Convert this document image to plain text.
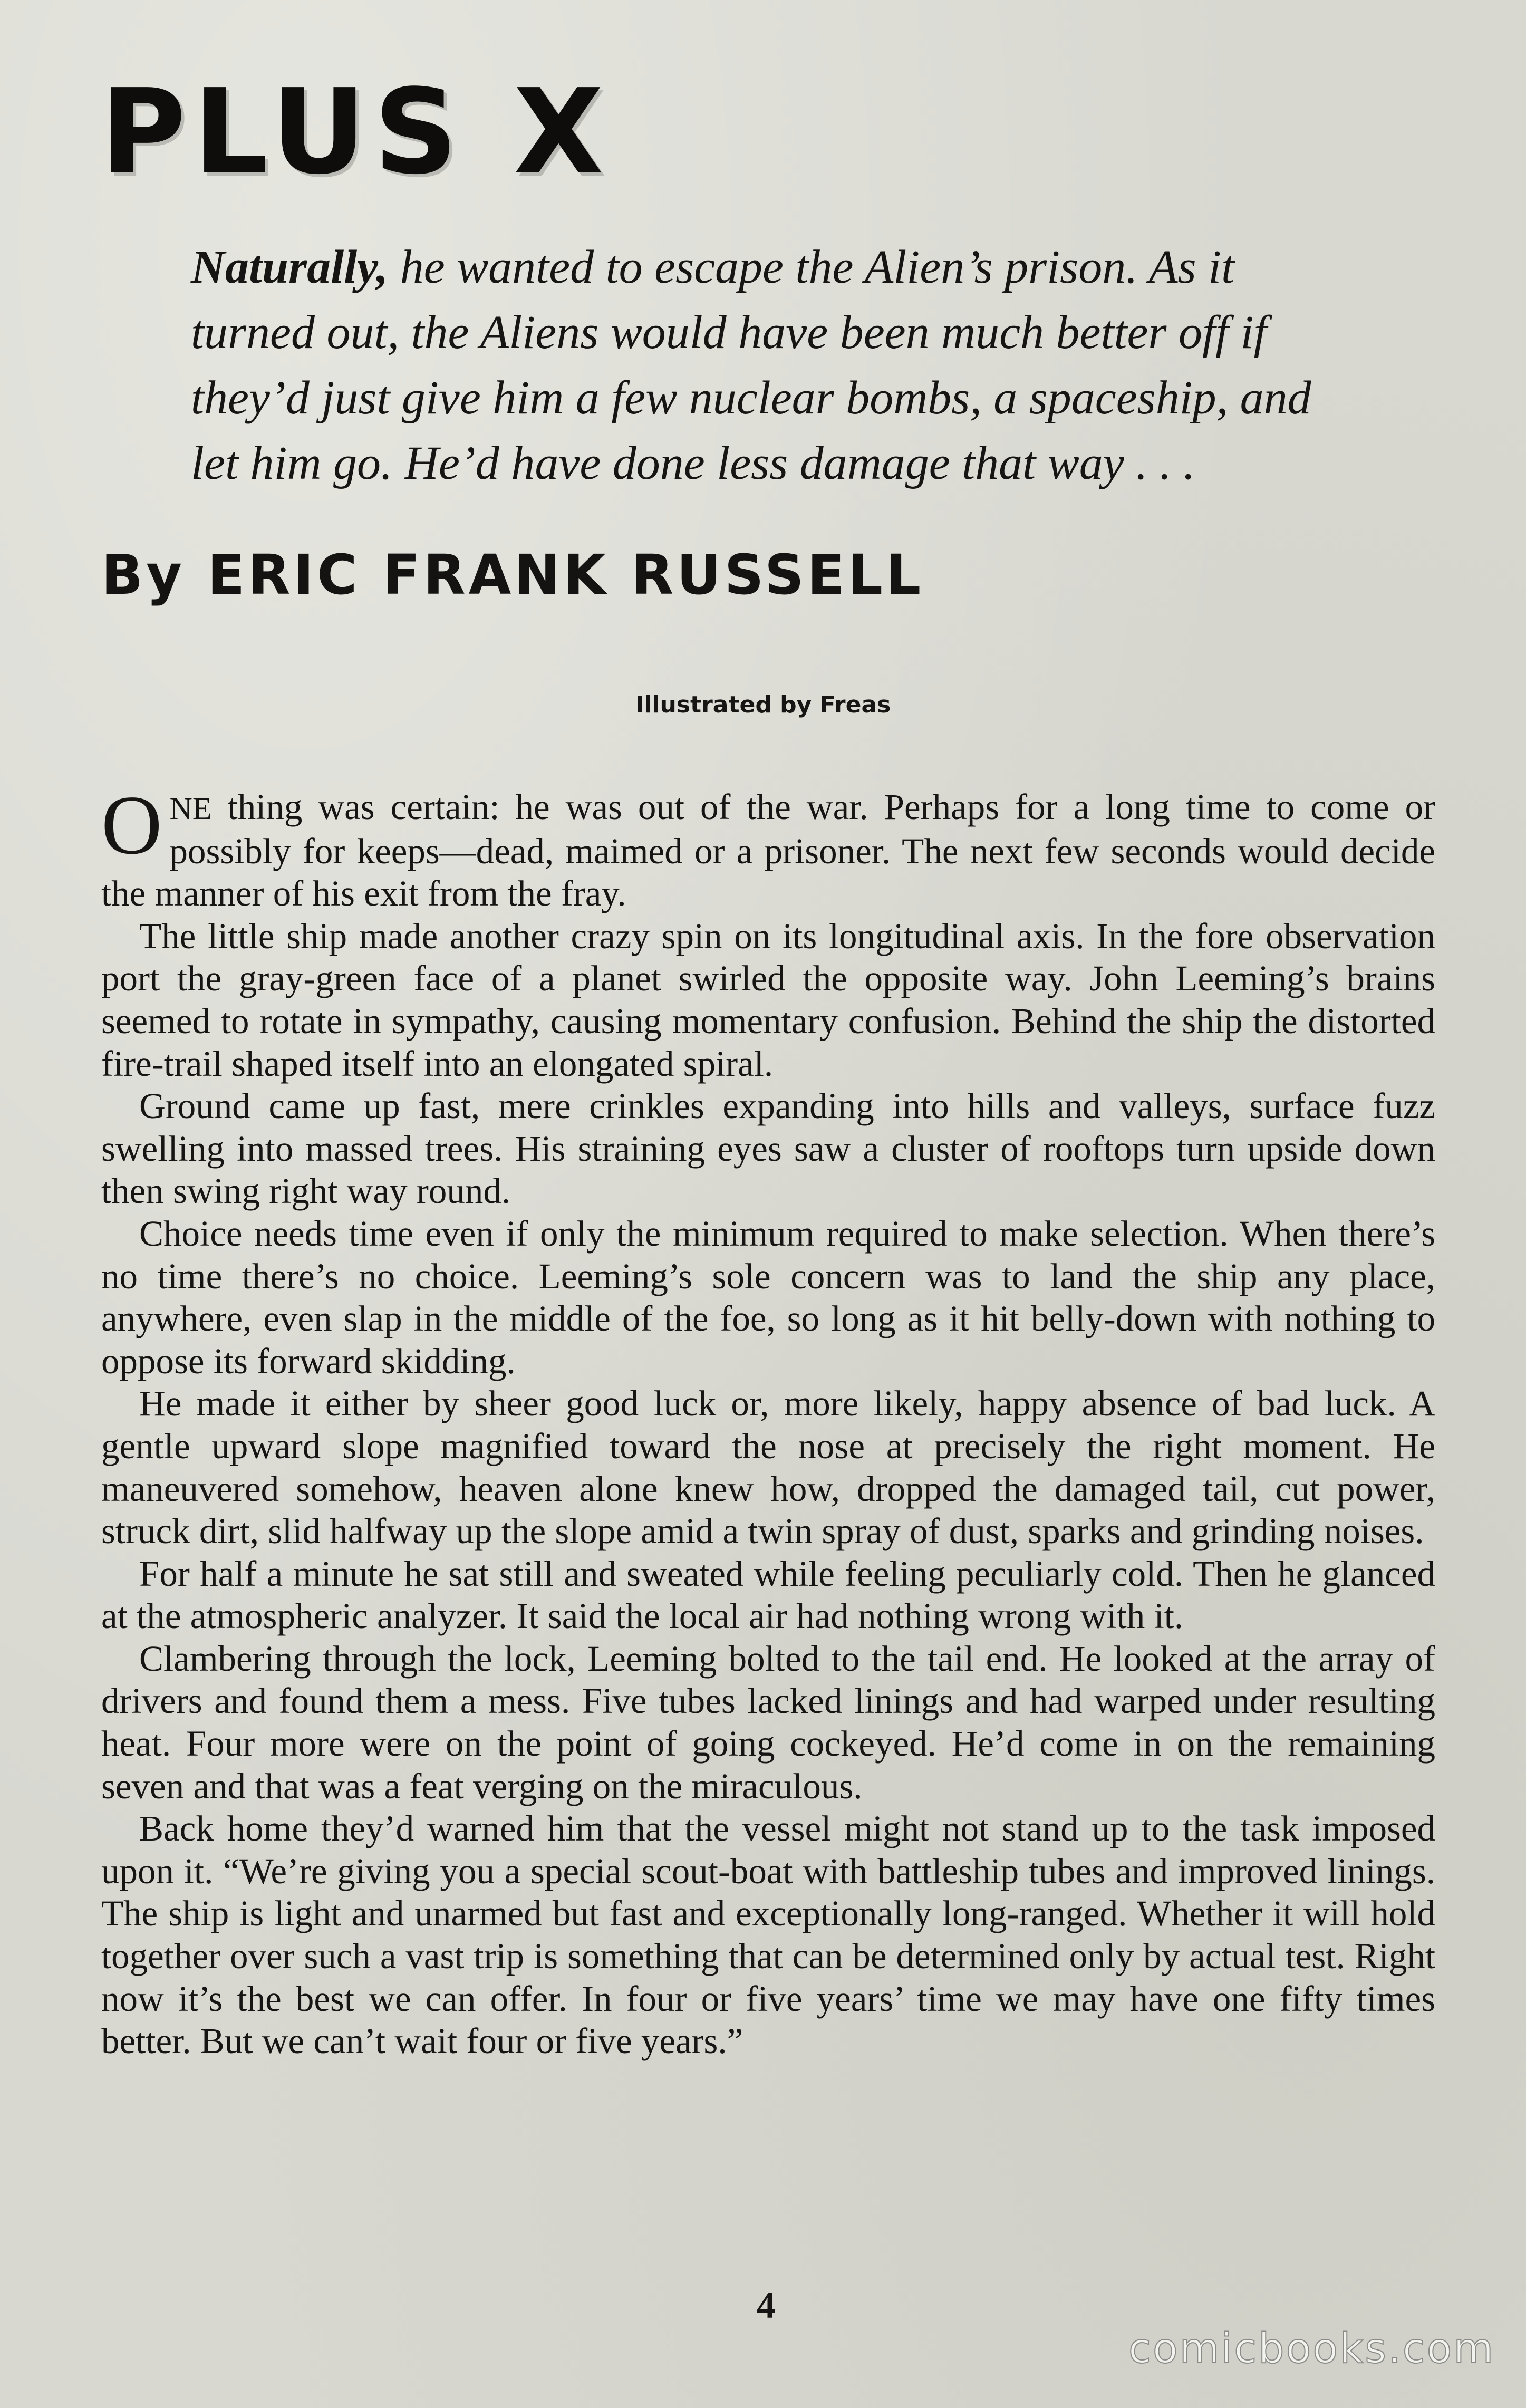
PLUS X

Naturally, he wanted to escape the Alien’s prison. As it turned out, the Aliens would have been much better off if they’d just give him a few nuclear bombs, a spaceship, and let him go. He’d have done less damage that way . . .

By ERIC FRANK RUSSELL

Illustrated by Freas

ONE thing was certain: he was out of the war. Perhaps for a long time to come or possibly for keeps—dead, maimed or a prisoner. The next few seconds would decide the manner of his exit from the fray.

The little ship made another crazy spin on its longitudinal axis. In the fore observation port the gray-green face of a planet swirled the opposite way. John Leeming’s brains seemed to rotate in sympathy, causing momentary confusion. Behind the ship the distorted fire-trail shaped itself into an elongated spiral.

Ground came up fast, mere crinkles expanding into hills and valleys, surface fuzz swelling into massed trees. His straining eyes saw a cluster of rooftops turn upside down then swing right way round.

Choice needs time even if only the minimum required to make selection. When there’s no time there’s no choice. Leeming’s sole concern was to land the ship any place, anywhere, even slap in the middle of the foe, so long as it hit belly-down with nothing to oppose its forward skidding.

He made it either by sheer good luck or, more likely, happy absence of bad luck. A gentle upward slope magnified toward the nose at precisely the right moment. He maneuvered somehow, heaven alone knew how, dropped the damaged tail, cut power, struck dirt, slid halfway up the slope amid a twin spray of dust, sparks and grinding noises.

For half a minute he sat still and sweated while feeling peculiarly cold. Then he glanced at the atmospheric analyzer. It said the local air had nothing wrong with it.

Clambering through the lock, Leeming bolted to the tail end. He looked at the array of drivers and found them a mess. Five tubes lacked linings and had warped under resulting heat. Four more were on the point of going cockeyed. He’d come in on the remaining seven and that was a feat verging on the miraculous.

Back home they’d warned him that the vessel might not stand up to the task imposed upon it. “We’re giving you a special scout-boat with battleship tubes and improved linings. The ship is light and unarmed but fast and exceptionally long-ranged. Whether it will hold together over such a vast trip is something that can be determined only by actual test. Right now it’s the best we can offer. In four or five years’ time we may have one fifty times better. But we can’t wait four or five years.”

4

comicbooks.com
